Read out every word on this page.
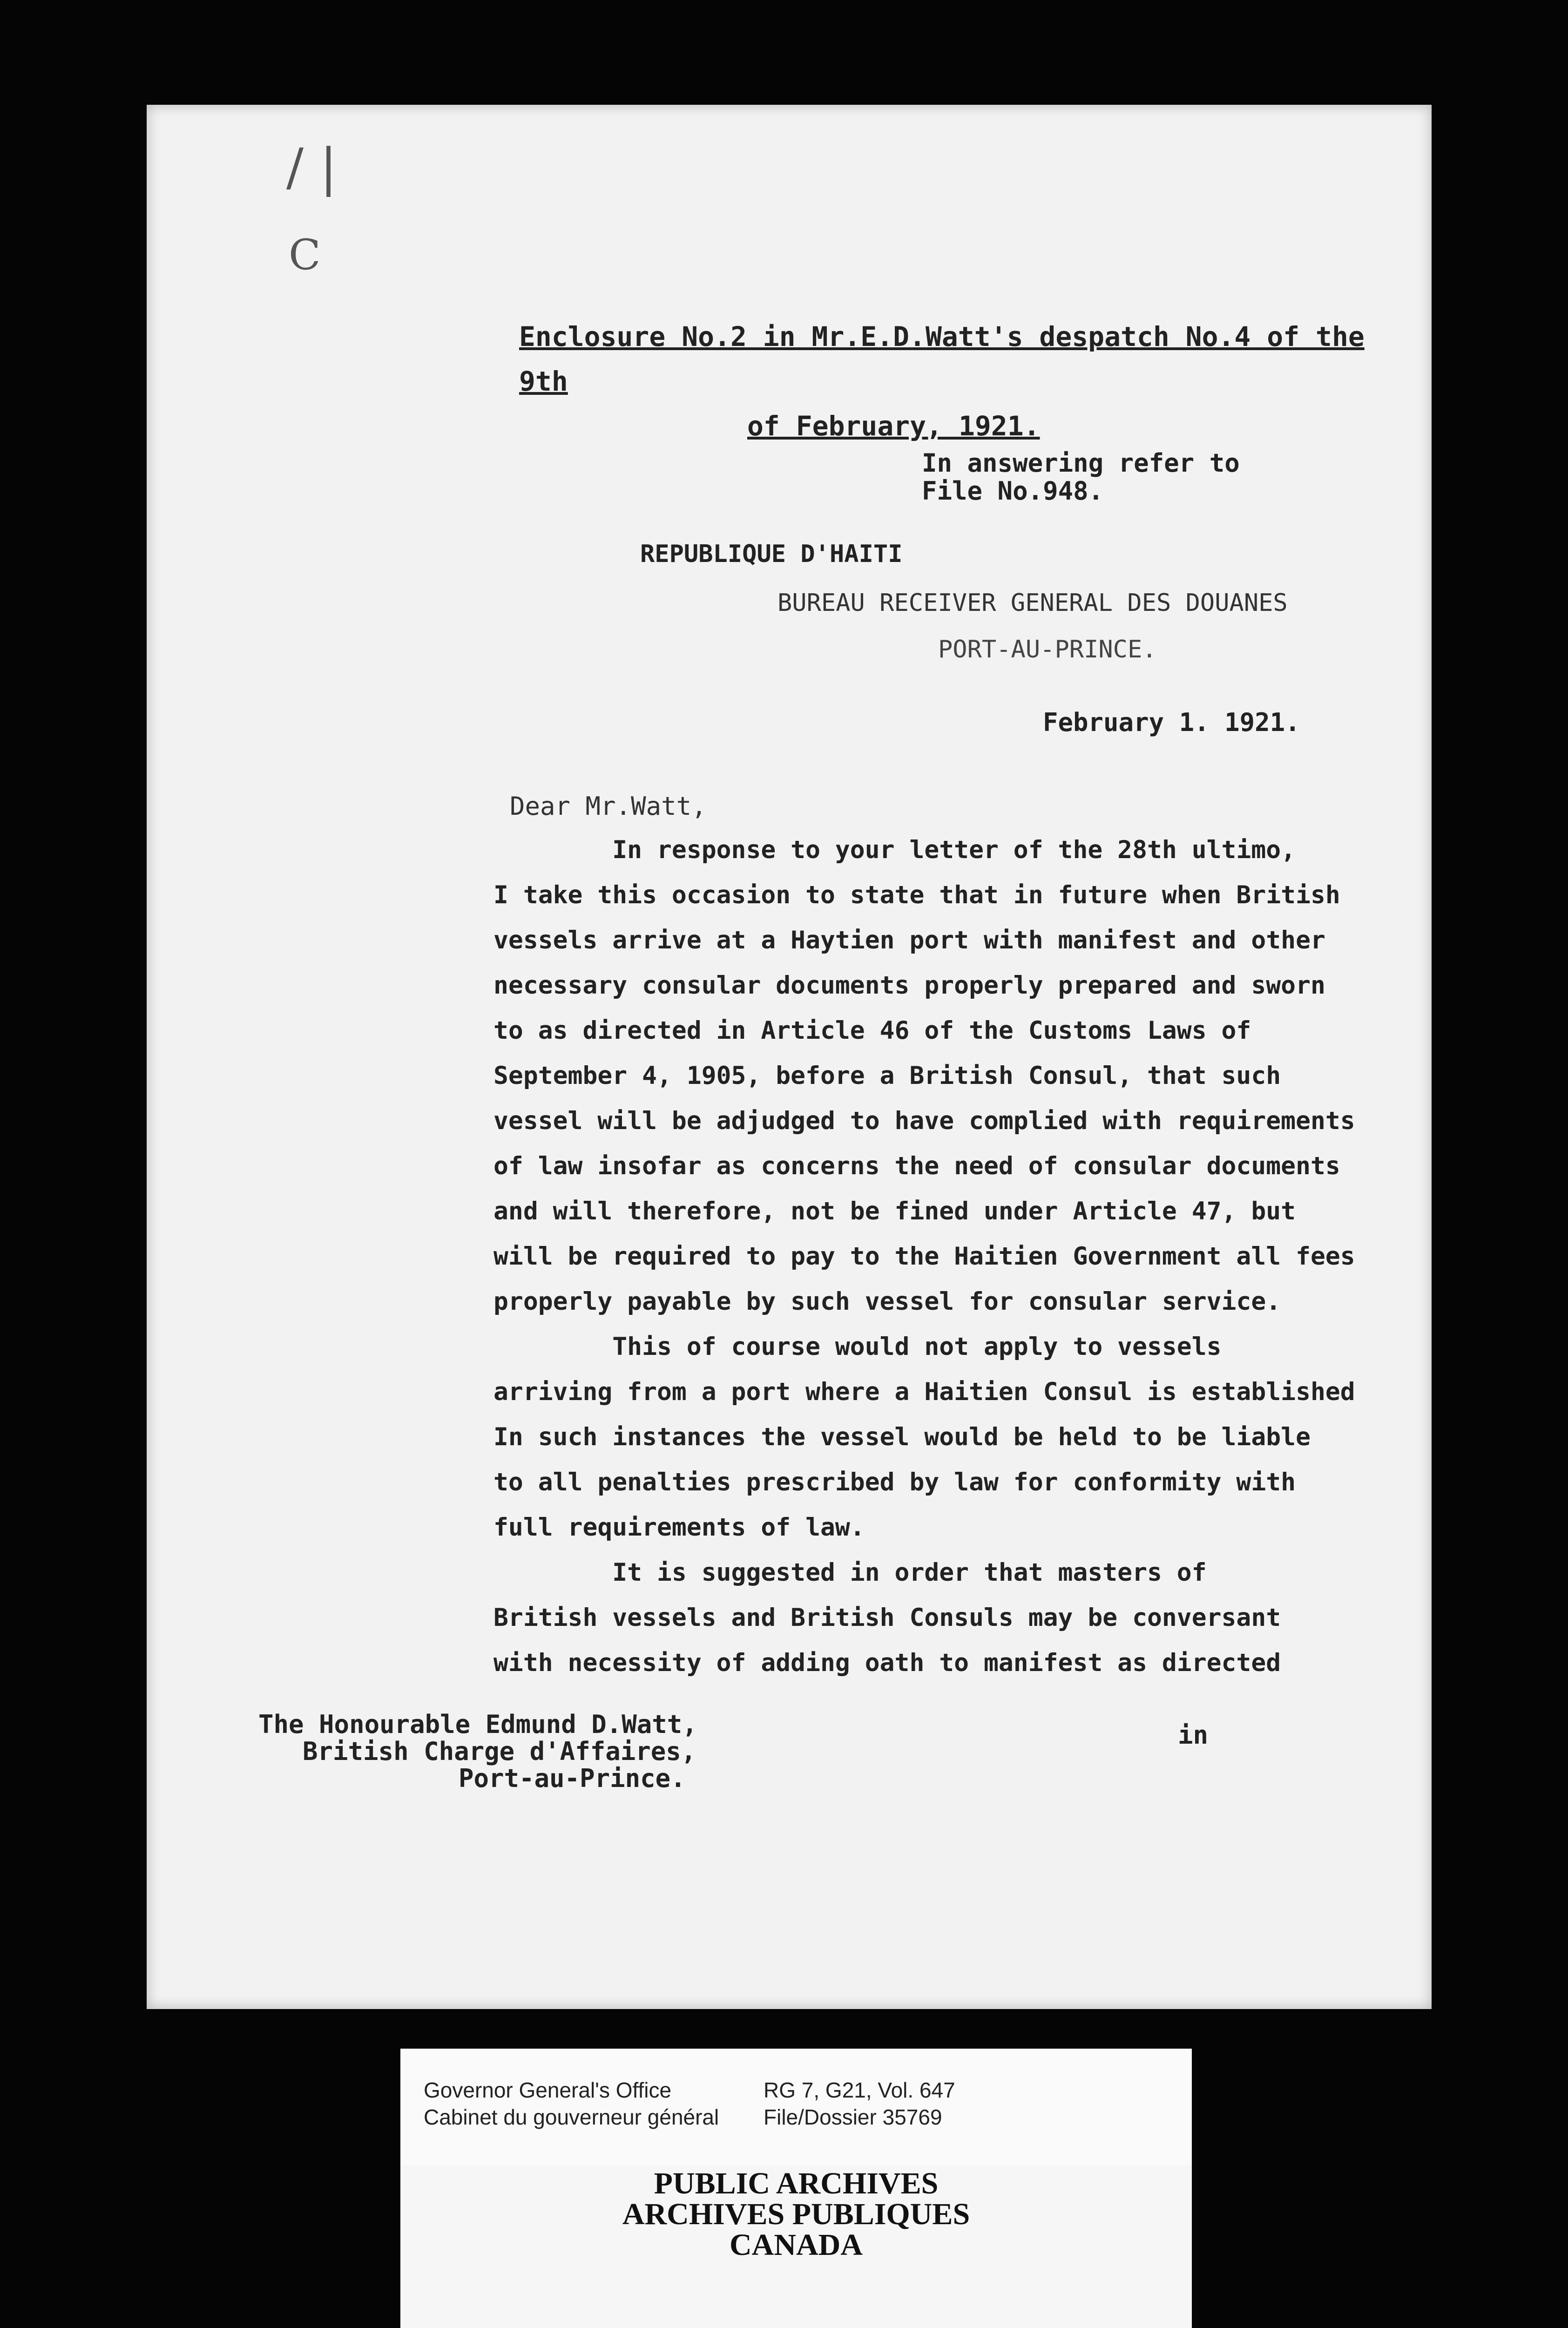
/ |
C
Enclosure No.2 in Mr.E.D.Watt's despatch No.4 of the 9th
of February, 1921.
In answering refer to
File No.948.
REPUBLIQUE D'HAITI
BUREAU RECEIVER GENERAL DES DOUANES
PORT-AU-PRINCE.
February 1. 1921.
Dear Mr.Watt,
In response to your letter of the 28th ultimo,
I take this occasion to state that in future when British
vessels arrive at a Haytien port with manifest and other
necessary consular documents properly prepared and sworn
to as directed in Article 46 of the Customs Laws of
September 4, 1905, before a British Consul, that such
vessel will be adjudged to have complied with requirements
of law insofar as concerns the need of consular documents
and will therefore, not be fined under Article 47, but
will be required to pay to the Haitien Government all fees
properly payable by such vessel for consular service.
This of course would not apply to vessels
arriving from a port where a Haitien Consul is established
In such instances the vessel would be held to be liable
to all penalties prescribed by law for conformity with
full requirements of law.
It is suggested in order that masters of
British vessels and British Consuls may be conversant
with necessity of adding oath to manifest as directed
The Honourable Edmund D.Watt,
British Charge d'Affaires,
Port-au-Prince.
in
Governor General's Office
Cabinet du gouverneur général
RG 7, G21, Vol. 647
File/Dossier 35769
PUBLIC ARCHIVES
ARCHIVES PUBLIQUES
CANADA
